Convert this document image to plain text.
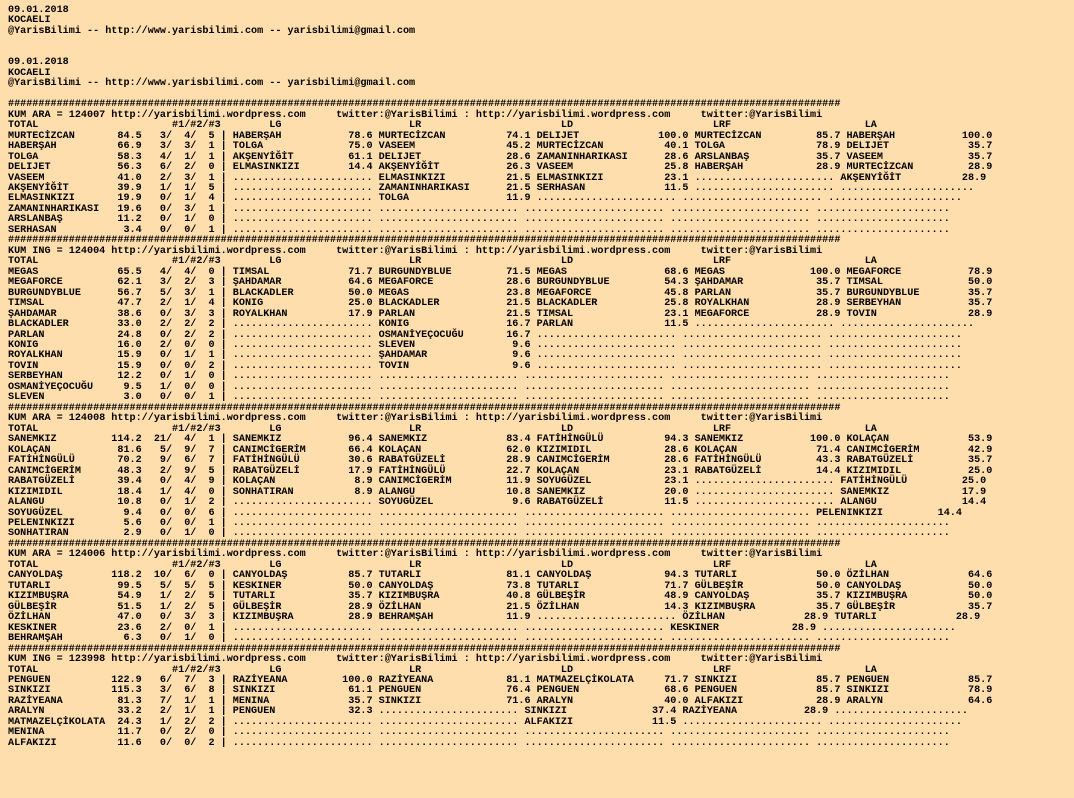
09.01.2018
KOCAELI
@YarisBilimi -- http://www.yarisbilimi.com -- yarisbilimi@gmail.com
09.01.2018
KOCAELI
@YarisBilimi -- http://www.yarisbilimi.com -- yarisbilimi@gmail.com
#########################################################################################################################################
KUM ARA = 124007 http://yarisbilimi.wordpress.com     twitter:@YarisBilimi : http://yarisbilimi.wordpress.com     twitter:@YarisBilimi
TOTAL                      #1/#2/#3        LG                     LR                       LD                       LRF                      LA
MURTECİZCAN       84.5   3/  4/  5 | HABERŞAH           78.6 MURTECİZCAN          74.1 DELIJET             100.0 MURTECİZCAN         85.7 HABERŞAH           100.0
HABERŞAH          66.9   3/  3/  1 | TOLGA              75.0 VASEEM               45.2 MURTECİZCAN          40.1 TOLGA               78.9 DELIJET             35.7
TOLGA             58.3   4/  1/  1 | AKŞENYİĞİT         61.1 DELIJET              28.6 ZAMANINHARIKASI      28.6 ARSLANBAŞ           35.7 VASEEM              35.7
DELIJET           56.3   6/  2/  0 | ELMASINKIZI        14.4 AKŞENYİĞİT           26.3 VASEEM               25.8 HABERŞAH            28.9 MURTECİZCAN         28.9
VASEEM            41.0   2/  3/  1 | ....................... ELMASINKIZI          21.5 ELMASINKIZI          23.1 ....................... AKŞENYİĞİT          28.9
AKŞENYİĞİT        39.9   1/  1/  5 | ....................... ZAMANINHARIKASI      21.5 SERHASAN             11.5 ....................... ......................
ELMASINKIZI       19.9   0/  1/  4 | ....................... TOLGA                11.9 ....................... ....................... ......................
ZAMANINHARIKASI   19.6   0/  3/  1 | ....................... ....................... ....................... ....................... ......................
ARSLANBAŞ         11.2   0/  1/  0 | ....................... ....................... ....................... ....................... ......................
SERHASAN           3.4   0/  0/  1 | ....................... ....................... ....................... ....................... ......................
#########################################################################################################################################
KUM ING = 124004 http://yarisbilimi.wordpress.com     twitter:@YarisBilimi : http://yarisbilimi.wordpress.com     twitter:@YarisBilimi
TOTAL                      #1/#2/#3        LG                     LR                       LD                       LRF                      LA
MEGAS             65.5   4/  4/  0 | TIMSAL             71.7 BURGUNDYBLUE         71.5 MEGAS                68.6 MEGAS              100.0 MEGAFORCE           78.9
MEGAFORCE         62.1   3/  2/  3 | ŞAHDAMAR           64.6 MEGAFORCE            28.6 BURGUNDYBLUE         54.3 ŞAHDAMAR            35.7 TIMSAL              50.0
BURGUNDYBLUE      56.7   5/  3/  1 | BLACKADLER         50.0 MEGAS                23.8 MEGAFORCE            45.8 PARLAN              35.7 BURGUNDYBLUE        35.7
TIMSAL            47.7   2/  1/  4 | KONIG              25.0 BLACKADLER           21.5 BLACKADLER           25.8 ROYALKHAN           28.9 SERBEYHAN           35.7
ŞAHDAMAR          38.6   0/  3/  3 | ROYALKHAN          17.9 PARLAN               21.5 TIMSAL               23.1 MEGAFORCE           28.9 TOVIN               28.9
BLACKADLER        33.0   2/  2/  2 | ....................... KONIG                16.7 PARLAN               11.5 ....................... ......................
PARLAN            24.8   0/  2/  2 | ....................... OSMANİYEÇOCUĞU       16.7 ....................... ....................... ......................
KONIG             16.0   2/  0/  0 | ....................... SLEVEN                9.6 ....................... ....................... ......................
ROYALKHAN         15.9   0/  1/  1 | ....................... ŞAHDAMAR              9.6 ....................... ....................... ......................
TOVIN             15.9   0/  0/  2 | ....................... TOVIN                 9.6 ....................... ....................... ......................
SERBEYHAN         12.2   0/  1/  0 | ....................... ....................... ....................... ....................... ......................
OSMANİYEÇOCUĞU     9.5   1/  0/  0 | ....................... ....................... ....................... ....................... ......................
SLEVEN             3.0   0/  0/  1 | ....................... ....................... ....................... ....................... ......................
#########################################################################################################################################
KUM ARA = 124008 http://yarisbilimi.wordpress.com     twitter:@YarisBilimi : http://yarisbilimi.wordpress.com     twitter:@YarisBilimi
TOTAL                      #1/#2/#3        LG                     LR                       LD                       LRF                      LA
SANEMKIZ         114.2  21/  4/  1 | SANEMKIZ           96.4 SANEMKIZ             83.4 FATİHİNGÜLÜ          94.3 SANEMKIZ           100.0 KOLAÇAN             53.9
KOLAÇAN           81.6   5/  9/  7 | CANIMCİGERİM       66.4 KOLAÇAN              62.0 KIZIMIDIL            28.6 KOLAÇAN             71.4 CANIMCİGERİM        42.9
FATİHİNGÜLÜ       70.2   9/  6/  7 | FATİHİNGÜLÜ        30.6 RABATGÜZELİ          28.9 CANIMCİGERİM         28.6 FATİHİNGÜLÜ         43.3 RABATGÜZELİ         35.7
CANIMCİGERİM      48.3   2/  9/  5 | RABATGÜZELİ        17.9 FATİHİNGÜLÜ          22.7 KOLAÇAN              23.1 RABATGÜZELİ         14.4 KIZIMIDIL           25.0
RABATGÜZELİ       39.4   0/  4/  9 | KOLAÇAN             8.9 CANIMCİGERİM         11.9 SOYUGÜZEL            23.1 ....................... FATİHİNGÜLÜ         25.0
KIZIMIDIL         18.4   1/  4/  0 | SONHATIRAN          8.9 ALANGU               10.8 SANEMKIZ             20.0 ....................... SANEMKIZ            17.9
ALANGU            10.8   0/  1/  2 | ....................... SOYUGÜZEL             9.6 RABATGÜZELİ          11.5 ....................... ALANGU              14.4
SOYUGÜZEL          9.4   0/  0/  6 | ....................... ....................... ....................... ....................... PELENINKIZI         14.4
PELENINKIZI        5.6   0/  0/  1 | ....................... ....................... ....................... ....................... ......................
SONHATIRAN         2.9   0/  1/  0 | ....................... ....................... ....................... ....................... ......................
#########################################################################################################################################
KUM ARA = 124006 http://yarisbilimi.wordpress.com     twitter:@YarisBilimi : http://yarisbilimi.wordpress.com     twitter:@YarisBilimi
TOTAL                      #1/#2/#3        LG                     LR                       LD                       LRF                      LA
CANYOLDAŞ        118.2  10/  6/  0 | CANYOLDAŞ          85.7 TUTARLI              81.1 CANYOLDAŞ            94.3 TUTARLI             50.0 ÖZİLHAN             64.6
TUTARLI           99.5   5/  5/  5 | KESKINER           50.0 CANYOLDAŞ            73.8 TUTARLI              71.7 GÜLBEŞİR            50.0 CANYOLDAŞ           50.0
KIZIMBUŞRA        54.9   1/  2/  5 | TUTARLI            35.7 KIZIMBUŞRA           40.8 GÜLBEŞİR             48.9 CANYOLDAŞ           35.7 KIZIMBUŞRA          50.0
GÜLBEŞİR          51.5   1/  2/  5 | GÜLBEŞİR           28.9 ÖZİLHAN              21.5 ÖZİLHAN              14.3 KIZIMBUŞRA          35.7 GÜLBEŞİR            35.7
ÖZİLHAN           47.0   0/  3/  3 | KIZIMBUŞRA         28.9 BEHRAMŞAH            11.9 ....................... ÖZİLHAN             28.9 TUTARLI             28.9
KESKINER          23.6   2/  0/  1 | ....................... ....................... ....................... KESKINER            28.9 ......................
BEHRAMŞAH          6.3   0/  1/  0 | ....................... ....................... ....................... ....................... ......................
#########################################################################################################################################
KUM ING = 123998 http://yarisbilimi.wordpress.com     twitter:@YarisBilimi : http://yarisbilimi.wordpress.com     twitter:@YarisBilimi
TOTAL                      #1/#2/#3        LG                     LR                       LD                       LRF                      LA
PENGUEN          122.9   6/  7/  3 | RAZİYEANA         100.0 RAZİYEANA            81.1 MATMAZELÇİKOLATA     71.7 SINKIZI             85.7 PENGUEN             85.7
SINKIZI          115.3   3/  6/  8 | SINKIZI            61.1 PENGUEN              76.4 PENGUEN              68.6 PENGUEN             85.7 SINKIZI             78.9
RAZİYEANA         81.3   7/  1/  1 | MENINA             35.7 SINKIZI              71.6 ARALYN               40.0 ALFAKIZI            28.9 ARALYN              64.6
ARALYN            33.2   2/  1/  1 | PENGUEN            32.3 ....................... SINKIZI              37.4 RAZİYEANA           28.9 ......................
MATMAZELÇİKOLATA  24.3   1/  2/  2 | ....................... ....................... ALFAKIZI             11.5 ....................... ......................
MENINA            11.7   0/  2/  0 | ....................... ....................... ....................... ....................... ......................
ALFAKIZI          11.6   0/  0/  2 | ....................... ....................... ....................... ....................... ......................
